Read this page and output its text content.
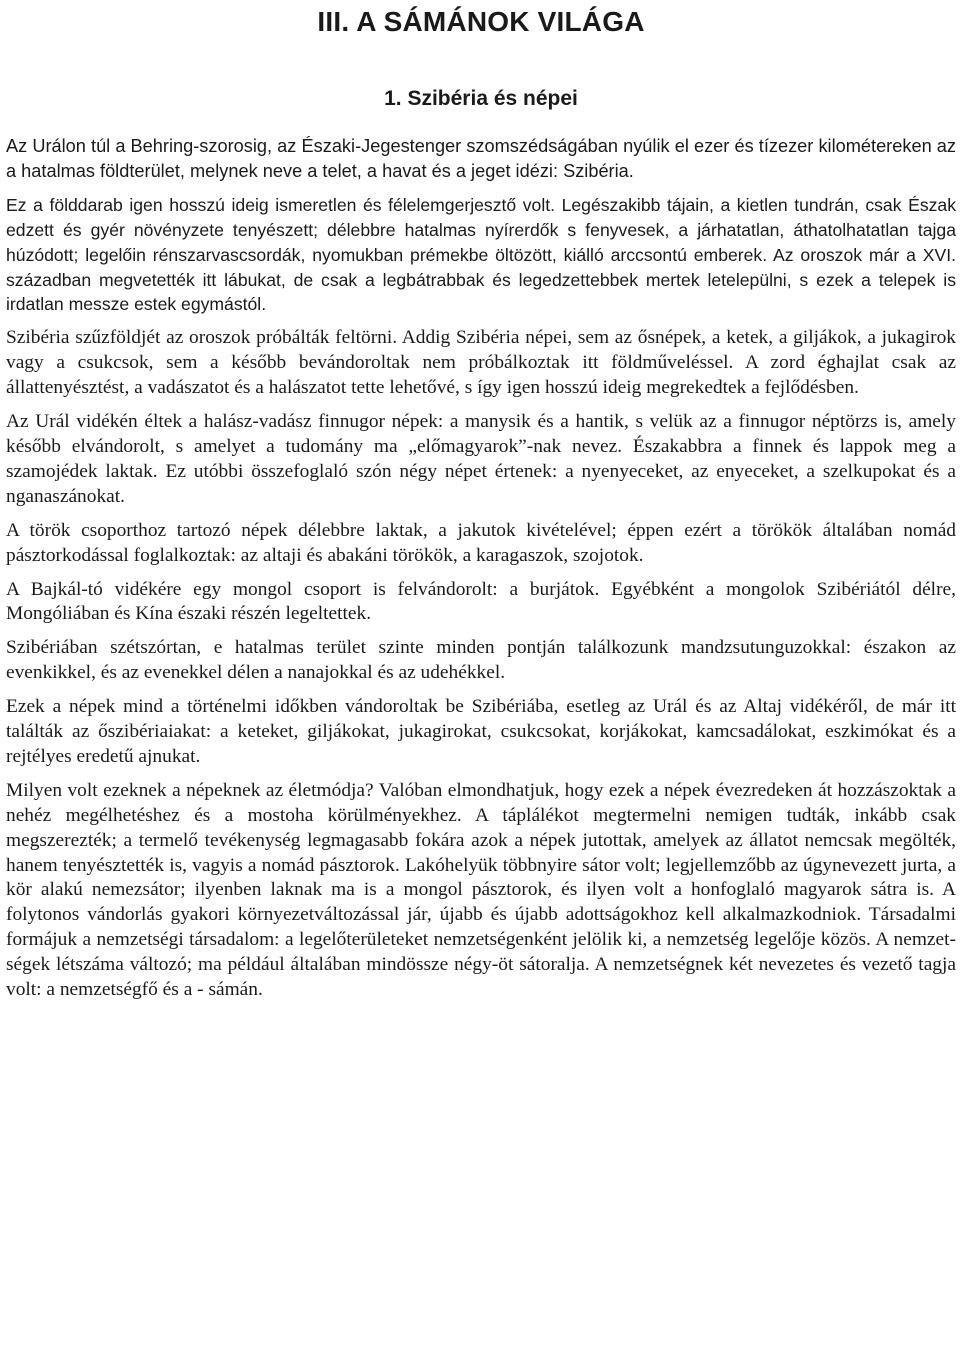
III. A SÁMÁNOK VILÁGA
1. Szibéria és népei

Az Urálon túl a Behring-szorosig, az Északi-Jegestenger szomszédságában nyúlik el ezer és tízezer kilométereken az a hatalmas földterület, melynek neve a telet, a havat és a jeget idézi: Szibéria.

Ez a földdarab igen hosszú ideig ismeretlen és félelemgerjesztő volt. Legészakibb tájain, a kietlen tundrán, csak Észak edzett és gyér növényzete tenyészett; délebbre hatalmas nyírerdők s fenyvesek, a járhatatlan, áthatolhatatlan tajga húzódott; legelőin rénszarvascsordák, nyomukban prémekbe öltözött, kiálló arccsontú emberek. Az oroszok már a XVI. században megvetették itt lábukat, de csak a legbátrabbak és legedzettebbek mertek letelepülni, s ezek a telepek is irdatlan messze estek egymástól.

Szibéria szűzföldjét az oroszok próbálták feltörni. Addig Szibéria népei, sem az ősnépek, a ketek, a giljákok, a jukagirok vagy a csukcsok, sem a később bevándoroltak nem próbálkoztak itt földműveléssel. A zord éghajlat csak az állattenyésztést, a vadászatot és a halászatot tette lehetővé, s így igen hosszú ideig megrekedtek a fejlődésben.

Az Urál vidékén éltek a halász-vadász finnugor népek: a manysik és a hantik, s velük az a finnugor néptörzs is, amely később elvándorolt, s amelyet a tudomány ma „előmagyarok”-nak nevez. Északabbra a finnek és lappok meg a szamojédek laktak. Ez utóbbi összefoglaló szón négy népet értenek: a nyenyeceket, az enyeceket, a szelkupokat és a nganaszánokat.

A török csoporthoz tartozó népek délebbre laktak, a jakutok kivételével; éppen ezért a törökök általában nomád pásztorkodással foglalkoztak: az altaji és abakáni törökök, a karagaszok, szojotok.

A Bajkál-tó vidékére egy mongol csoport is felvándorolt: a burjátok. Egyébként a mongolok Szibériától délre, Mongóliában és Kína északi részén legeltettek.

Szibériában szétszórtan, e hatalmas terület szinte minden pontján találkozunk mandzsutunguzokkal: északon az evenkikkel, és az evenekkel délen a nanajokkal és az udehékkel.

Ezek a népek mind a történelmi időkben vándoroltak be Szibériába, esetleg az Urál és az Altaj vidékéről, de már itt találták az őszibériaiakat: a keteket, giljákokat, jukagirokat, csukcsokat, korjákokat, kamcsadálokat, eszkimókat és a rejtélyes eredetű ajnukat.

Milyen volt ezeknek a népeknek az életmódja? Valóban elmondhatjuk, hogy ezek a népek évezredeken át hozzászoktak a nehéz megélhetéshez és a mostoha körülményekhez. A táplálékot megtermelni nemigen tudták, inkább csak megszerezték; a termelő tevékenység legmagasabb fokára azok a népek jutottak, amelyek az állatot nemcsak megölték, hanem tenyésztették is, vagyis a nomád pásztorok. Lakóhelyük többnyire sátor volt; legjellemzőbb az úgynevezett jurta, a kör alakú nemezsátor; ilyenben laknak ma is a mongol pásztorok, és ilyen volt a honfoglaló magyarok sátra is. A folytonos vándorlás gyakori környezetváltozással jár, újabb és újabb adottságokhoz kell alkalmazkodniok. Társadalmi formájuk a nemzetségi társadalom: a legelőterületeket nemzetségenként jelölik ki, a nemzetség legelője közös. A nemzetségek létszáma változó; ma például általában mindössze négy-öt sátoralja. A nemzetségnek két nevezetes és vezető tagja volt: a nemzetségfő és a - sámán.
